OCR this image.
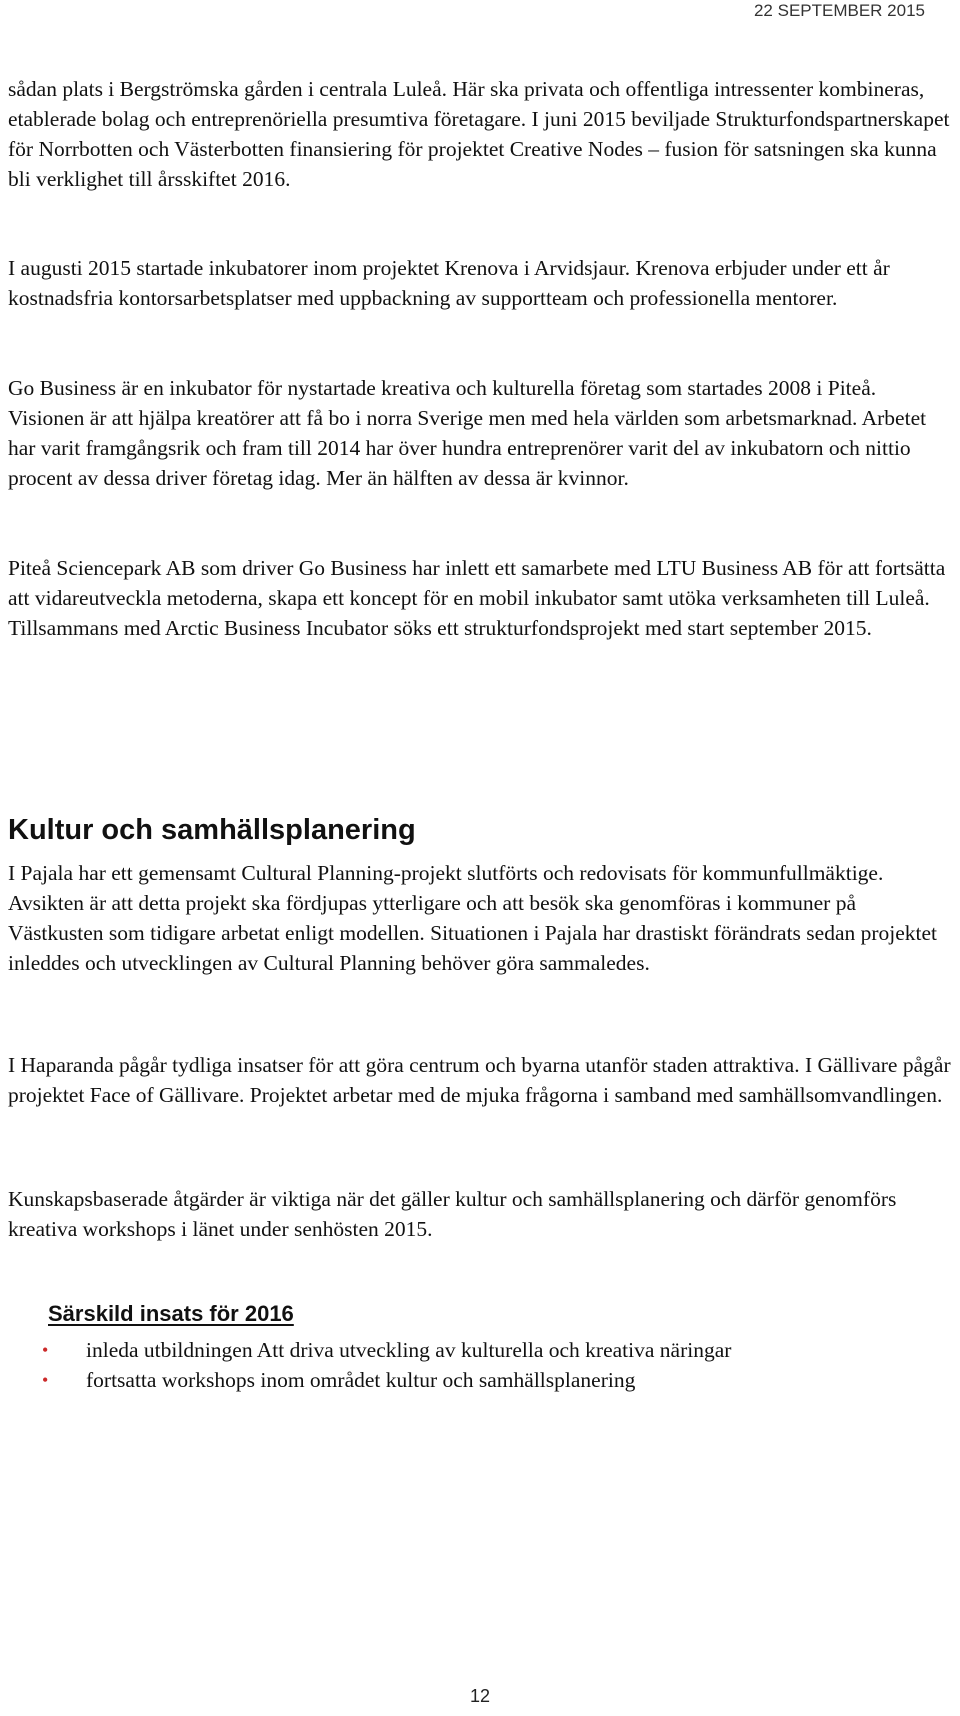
22 SEPTEMBER 2015

sådan plats i Bergströmska gården i centrala Luleå. Här ska privata och offentliga intressenter kombineras, etablerade bolag och entreprenöriella presumtiva företagare. I juni 2015 beviljade Strukturfondspartnerskapet för Norrbotten och Västerbotten finansiering för projektet Creative Nodes – fusion för satsningen ska kunna bli verklighet till årsskiftet 2016.

I augusti 2015 startade inkubatorer inom projektet Krenova i Arvidsjaur. Krenova erbjuder under ett år kostnadsfria kontorsarbetsplatser med uppbackning av supportteam och professionella mentorer.

Go Business är en inkubator för nystartade kreativa och kulturella företag som startades 2008 i Piteå. Visionen är att hjälpa kreatörer att få bo i norra Sverige men med hela världen som arbetsmarknad. Arbetet har varit framgångsrik och fram till 2014 har över hundra entreprenörer varit del av inkubatorn och nittio procent av dessa driver företag idag. Mer än hälften av dessa är kvinnor.

Piteå Sciencepark AB som driver Go Business har inlett ett samarbete med LTU Business AB för att fortsätta att vidareutveckla metoderna, skapa ett koncept för en mobil inkubator samt utöka verksamheten till Luleå. Tillsammans med Arctic Business Incubator söks ett strukturfondsprojekt med start september 2015.

Kultur och samhällsplanering

I Pajala har ett gemensamt Cultural Planning-projekt slutförts och redovisats för kommunfullmäktige. Avsikten är att detta projekt ska fördjupas ytterligare och att besök ska genomföras i kommuner på Västkusten som tidigare arbetat enligt modellen. Situationen i Pajala har drastiskt förändrats sedan projektet inleddes och utvecklingen av Cultural Planning behöver göra sammaledes.

I Haparanda pågår tydliga insatser för att göra centrum och byarna utanför staden attraktiva. I Gällivare pågår projektet Face of Gällivare. Projektet arbetar med de mjuka frågorna i samband med samhällsomvandlingen.

Kunskapsbaserade åtgärder är viktiga när det gäller kultur och samhällsplanering och därför genomförs kreativa workshops i länet under senhösten 2015.

Särskild insats för 2016
• inleda utbildningen Att driva utveckling av kulturella och kreativa näringar
• fortsatta workshops inom området kultur och samhällsplanering
12
